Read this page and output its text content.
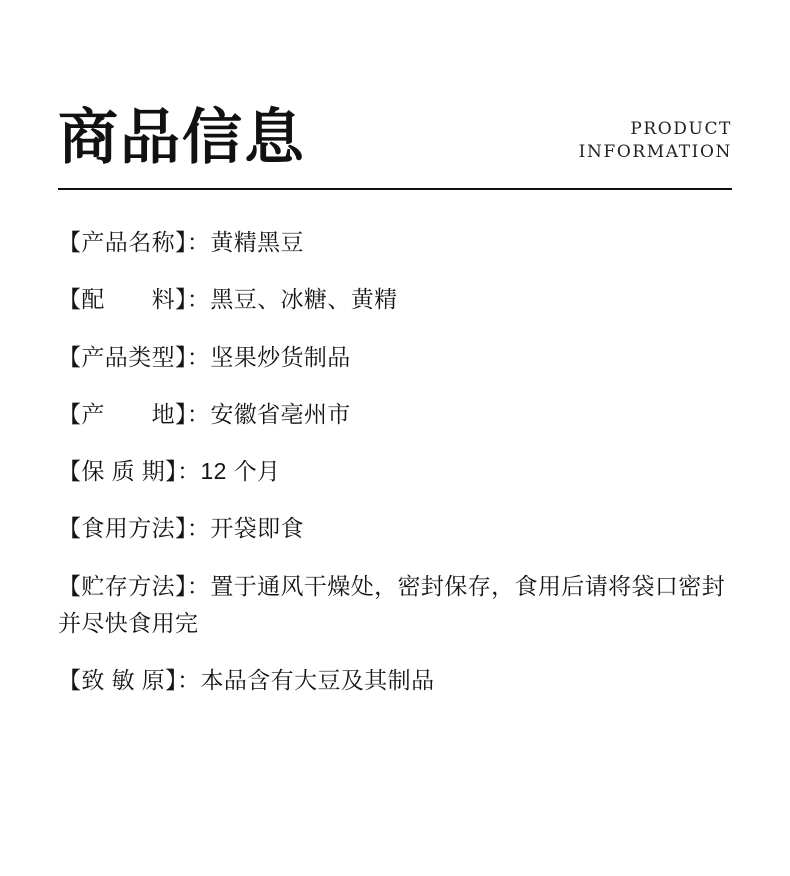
商品信息	PRODUCT
INFORMATION
【产品名称】：黄精黑豆
【配　　料】：黑豆、冰糖、黄精
【产品类型】：坚果炒货制品
【产　　地】：安徽省亳州市
【保 质 期】：12 个月
【食用方法】：开袋即食
【贮存方法】：置于通风干燥处，密封保存，食用后请将袋口密封并尽快食用完
【致 敏 原】：本品含有大豆及其制品
